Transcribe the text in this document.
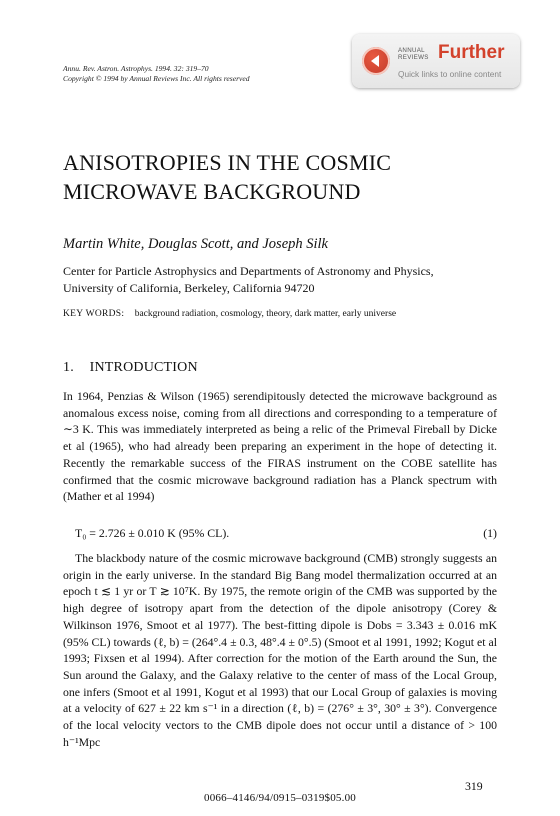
Annu. Rev. Astron. Astrophys. 1994. 32: 319–70
Copyright © 1994 by Annual Reviews Inc. All rights reserved
ANNUAL
REVIEWS Further
Quick links to online content
ANISOTROPIES IN THE COSMIC
MICROWAVE BACKGROUND
Martin White, Douglas Scott, and Joseph Silk
Center for Particle Astrophysics and Departments of Astronomy and Physics,
University of California, Berkeley, California 94720
KEY WORDS: background radiation, cosmology, theory, dark matter, early universe
1. INTRODUCTION

In 1964, Penzias & Wilson (1965) serendipitously detected the microwave background as anomalous excess noise, coming from all directions and corresponding to a temperature of ∼3 K. This was immediately interpreted as being a relic of the Primeval Fireball by Dicke et al (1965), who had already been preparing an experiment in the hope of detecting it. Recently the remarkable success of the FIRAS instrument on the COBE satellite has confirmed that the cosmic microwave background radiation has a Planck spectrum with (Mather et al 1994)

T₀ = 2.726 ± 0.010 K (95% CL).	(1)

The blackbody nature of the cosmic microwave background (CMB) strongly suggests an origin in the early universe. In the standard Big Bang model thermalization occurred at an epoch t ≲ 1 yr or T ≳ 10⁷K. By 1975, the remote origin of the CMB was supported by the high degree of isotropy apart from the detection of the dipole anisotropy (Corey & Wilkinson 1976, Smoot et al 1977). The best-fitting dipole is Dobs = 3.343 ± 0.016 mK (95% CL) towards (ℓ, b) = (264°.4 ± 0.3, 48°.4 ± 0°.5) (Smoot et al 1991, 1992; Kogut et al 1993; Fixsen et al 1994). After correction for the motion of the Earth around the Sun, the Sun around the Galaxy, and the Galaxy relative to the center of mass of the Local Group, one infers (Smoot et al 1991, Kogut et al 1993) that our Local Group of galaxies is moving at a velocity of 627 ± 22 km s⁻¹ in a direction (ℓ, b) = (276° ± 3°, 30° ± 3°). Convergence of the local velocity vectors to the CMB dipole does not occur until a distance of > 100 h⁻¹Mpc

319
0066–4146/94/0915–0319$05.00
